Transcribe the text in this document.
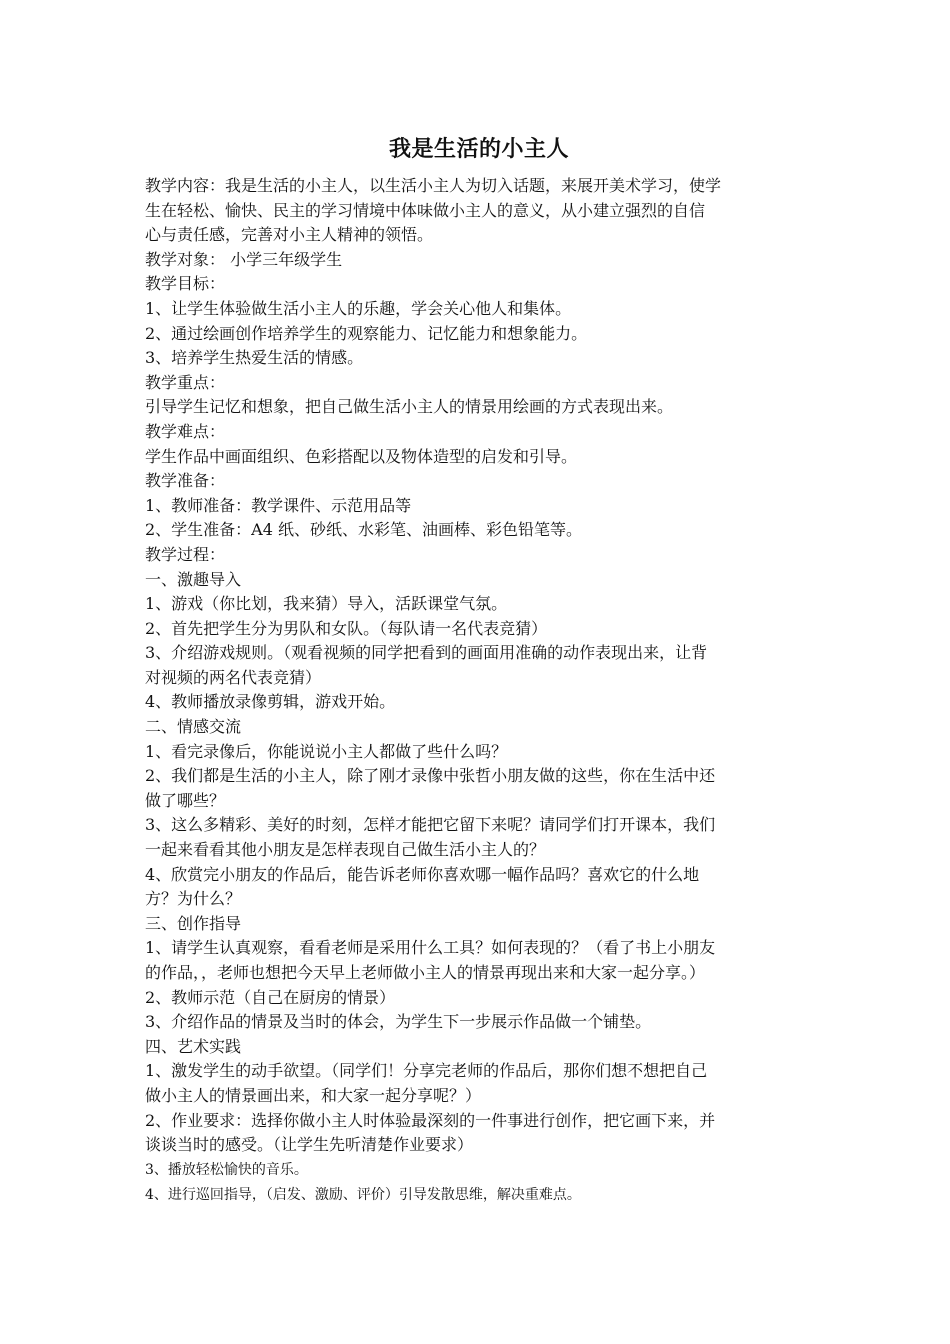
我是生活的小主人

教学内容：我是生活的小主人，以生活小主人为切入话题，来展开美术学习，使学

生在轻松、愉快、民主的学习情境中体味做小主人的意义，从小建立强烈的自信

心与责任感，完善对小主人精神的领悟。

教学对象： 小学三年级学生

教学目标：

1、让学生体验做生活小主人的乐趣，学会关心他人和集体。

2、通过绘画创作培养学生的观察能力、记忆能力和想象能力。

3、培养学生热爱生活的情感。

教学重点：

引导学生记忆和想象，把自己做生活小主人的情景用绘画的方式表现出来。

教学难点：

学生作品中画面组织、色彩搭配以及物体造型的启发和引导。

教学准备：

1、教师准备：教学课件、示范用品等

2、学生准备：A4 纸、砂纸、水彩笔、油画棒、彩色铅笔等。

教学过程：

一、激趣导入

1、游戏（你比划，我来猜）导入，活跃课堂气氛。

2、首先把学生分为男队和女队。（每队请一名代表竞猜）

3、介绍游戏规则。（观看视频的同学把看到的画面用准确的动作表现出来，让背

对视频的两名代表竞猜）

4、教师播放录像剪辑，游戏开始。

二、情感交流

1、看完录像后，你能说说小主人都做了些什么吗？

2、我们都是生活的小主人，除了刚才录像中张哲小朋友做的这些，你在生活中还

做了哪些？

3、这么多精彩、美好的时刻，怎样才能把它留下来呢？请同学们打开课本，我们

一起来看看其他小朋友是怎样表现自己做生活小主人的？

4、欣赏完小朋友的作品后，能告诉老师你喜欢哪一幅作品吗？喜欢它的什么地

方？为什么？

三、创作指导

1、请学生认真观察，看看老师是采用什么工具？如何表现的？（看了书上小朋友

的作品，，老师也想把今天早上老师做小主人的情景再现出来和大家一起分享。）

2、教师示范（自己在厨房的情景）

3、介绍作品的情景及当时的体会，为学生下一步展示作品做一个铺垫。

四、艺术实践

1、激发学生的动手欲望。（同学们！分享完老师的作品后，那你们想不想把自己

做小主人的情景画出来，和大家一起分享呢？）

2、作业要求：选择你做小主人时体验最深刻的一件事进行创作，把它画下来，并

谈谈当时的感受。（让学生先听清楚作业要求）

3、播放轻松愉快的音乐。

4、进行巡回指导，（启发、激励、评价）引导发散思维，解决重难点。
